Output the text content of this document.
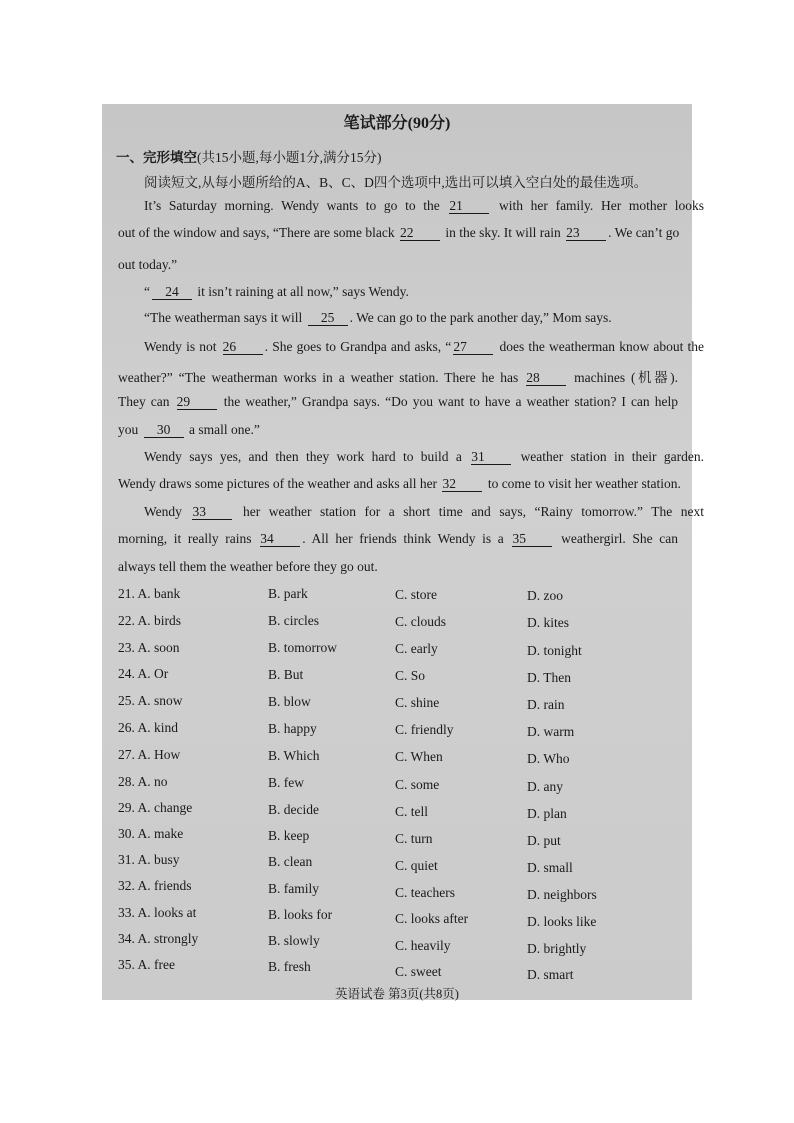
笔试部分(90分)
一、完形填空(共15小题,每小题1分,满分15分)
阅读短文,从每小题所给的A、B、C、D四个选项中,选出可以填入空白处的最佳选项。
It’s Saturday morning. Wendy wants to go to the 21	with her family. Her mother looks
out of the window and says, “There are some black 22 in the sky. It will rain 23 . We can’t go
out today.”
“ 24 it isn’t raining at all now,” says Wendy.
“The weatherman says it will 25 . We can go to the park another day,” Mom says.
Wendy is not 26 . She goes to Grandpa and asks, “ 27 does the weatherman know about the
weather?” “The weatherman works in a weather station. There he has 28	machines (机器).
They can 29 the weather,” Grandpa says. “Do you want to have a weather station? I can help
you 30 a small one.”
Wendy says yes, and then they work hard to build a 31	weather station in their garden.
Wendy draws some pictures of the weather and asks all her 32 to come to visit her weather station.
Wendy 33	her weather station for a short time and says, “Rainy tomorrow.” The next
morning, it really rains 34 . All her friends think Wendy is a 35	weathergirl. She can
always tell them the weather before they go out.
21. A. bank	B. park	C. store	D. zoo
22. A. birds	B. circles	C. clouds	D. kites
23. A. soon	B. tomorrow	C. early	D. tonight
24. A. Or	B. But	C. So	D. Then
25. A. snow	B. blow	C. shine	D. rain
26. A. kind	B. happy	C. friendly	D. warm
27. A. How	B. Which	C. When	D. Who
28. A. no	B. few	C. some	D. any
29. A. change	B. decide	C. tell	D. plan
30. A. make	B. keep	C. turn	D. put
31. A. busy	B. clean	C. quiet	D. small
32. A. friends	B. family	C. teachers	D. neighbors
33. A. looks at	B. looks for	C. looks after	D. looks like
34. A. strongly	B. slowly	C. heavily	D. brightly
35. A. free	B. fresh	C. sweet	D. smart
英语试卷 第3页(共8页)
